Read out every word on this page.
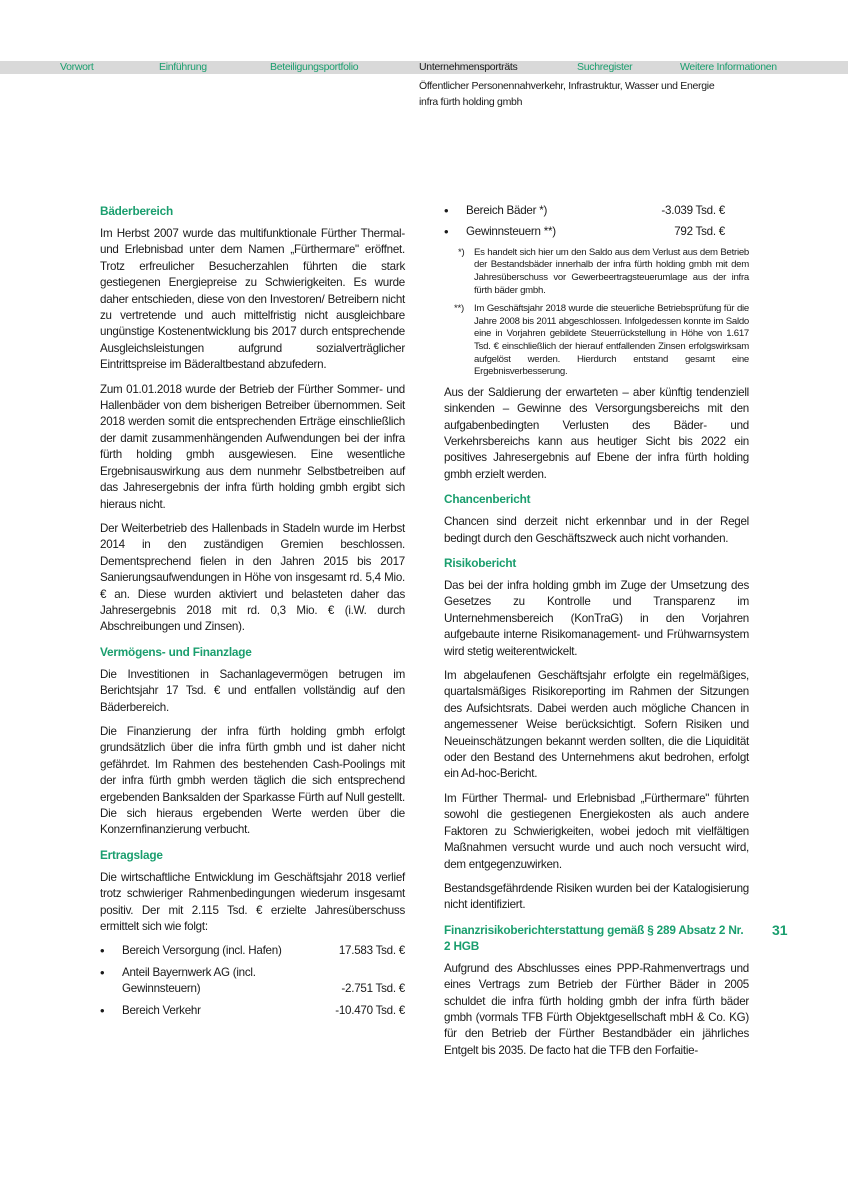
Vorwort	Einführung	Beteiligungsportfolio	Unternehmensporträts	Suchregister	Weitere Informationen
Öffentlicher Personennahverkehr, Infrastruktur, Wasser und Energie
infra fürth holding gmbh
Bäderbereich

Im Herbst 2007 wurde das multifunktionale Fürther Thermal- und Erlebnisbad unter dem Namen „Fürthermare" eröffnet. Trotz erfreulicher Besucherzahlen führten die stark gestiegenen Energiepreise zu Schwierigkeiten. Es wurde daher entschieden, diese von den Investoren/ Betreibern nicht zu vertretende und auch mittelfristig nicht ausgleichbare ungünstige Kostenentwicklung bis 2017 durch entsprechende Ausgleichsleistungen aufgrund sozialverträglicher Eintrittspreise im Bäderaltbestand abzufedern.

Zum 01.01.2018 wurde der Betrieb der Fürther Sommer- und Hallenbäder von dem bisherigen Betreiber übernommen. Seit 2018 werden somit die entsprechenden Erträge einschließlich der damit zusammenhängenden Aufwendungen bei der infra fürth holding gmbh ausgewiesen. Eine wesentliche Ergebnisauswirkung aus dem nunmehr Selbstbetreiben auf das Jahresergebnis der infra fürth holding gmbh ergibt sich hieraus nicht.

Der Weiterbetrieb des Hallenbads in Stadeln wurde im Herbst 2014 in den zuständigen Gremien beschlossen. Dementsprechend fielen in den Jahren 2015 bis 2017 Sanierungsaufwendungen in Höhe von insgesamt rd. 5,4 Mio. € an. Diese wurden aktiviert und belasteten daher das Jahresergebnis 2018 mit rd. 0,3 Mio. € (i.W. durch Abschreibungen und Zinsen).

Vermögens- und Finanzlage

Die Investitionen in Sachanlagevermögen betrugen im Berichtsjahr 17 Tsd. € und entfallen vollständig auf den Bäderbereich.

Die Finanzierung der infra fürth holding gmbh erfolgt grundsätzlich über die infra fürth gmbh und ist daher nicht gefährdet. Im Rahmen des bestehenden Cash-Poolings mit der infra fürth gmbh werden täglich die sich entsprechend ergebenden Banksalden der Sparkasse Fürth auf Null gestellt. Die sich hieraus ergebenden Werte werden über die Konzernfinanzierung verbucht.

Ertragslage

Die wirtschaftliche Entwicklung im Geschäftsjahr 2018 verlief trotz schwieriger Rahmenbedingungen wiederum insgesamt positiv. Der mit 2.115 Tsd. € erzielte Jahresüberschuss ermittelt sich wie folgt:

• Bereich Versorgung (incl. Hafen)	17.583 Tsd. €
• Anteil Bayernwerk AG (incl. Gewinnsteuern)	-2.751 Tsd. €
• Bereich Verkehr	-10.470 Tsd. €
• Bereich Bäder *)	-3.039 Tsd. €
• Gewinnsteuern **)	792 Tsd. €
*) Es handelt sich hier um den Saldo aus dem Verlust aus dem Betrieb der Bestandsbäder innerhalb der infra fürth holding gmbh mit dem Jahresüberschuss vor Gewerbeertragsteuerumlage aus der infra fürth bäder gmbh.
**) Im Geschäftsjahr 2018 wurde die steuerliche Betriebsprüfung für die Jahre 2008 bis 2011 abgeschlossen. Infolgedessen konnte im Saldo eine in Vorjahren gebildete Steuerrückstellung in Höhe von 1.617 Tsd. € einschließlich der hierauf entfallenden Zinsen erfolgswirksam aufgelöst werden. Hierdurch entstand gesamt eine Ergebnisverbesserung.

Aus der Saldierung der erwarteten – aber künftig tendenziell sinkenden – Gewinne des Versorgungsbereichs mit den aufgabenbedingten Verlusten des Bäder- und Verkehrsbereichs kann aus heutiger Sicht bis 2022 ein positives Jahresergebnis auf Ebene der infra fürth holding gmbh erzielt werden.

Chancenbericht

Chancen sind derzeit nicht erkennbar und in der Regel bedingt durch den Geschäftszweck auch nicht vorhanden.

Risikobericht

Das bei der infra holding gmbh im Zuge der Umsetzung des Gesetzes zu Kontrolle und Transparenz im Unternehmensbereich (KonTraG) in den Vorjahren aufgebaute interne Risikomanagement- und Frühwarnsystem wird stetig weiterentwickelt.

Im abgelaufenen Geschäftsjahr erfolgte ein regelmäßiges, quartalsmäßiges Risikoreporting im Rahmen der Sitzungen des Aufsichtsrats. Dabei werden auch mögliche Chancen in angemessener Weise berücksichtigt. Sofern Risiken und Neueinschätzungen bekannt werden sollten, die die Liquidität oder den Bestand des Unternehmens akut bedrohen, erfolgt ein Ad-hoc-Bericht.

Im Fürther Thermal- und Erlebnisbad „Fürthermare" führten sowohl die gestiegenen Energiekosten als auch andere Faktoren zu Schwierigkeiten, wobei jedoch mit vielfältigen Maßnahmen versucht wurde und auch noch versucht wird, dem entgegenzuwirken.

Bestandsgefährdende Risiken wurden bei der Katalogisierung nicht identifiziert.

Finanzrisikoberichterstattung gemäß § 289 Absatz 2 Nr. 2 HGB

Aufgrund des Abschlusses eines PPP-Rahmenvertrags und eines Vertrags zum Betrieb der Fürther Bäder in 2005 schuldet die infra fürth holding gmbh der infra fürth bäder gmbh (vormals TFB Fürth Objektgesellschaft mbH & Co. KG) für den Betrieb der Fürther Bestandbäder ein jährliches Entgelt bis 2035. De facto hat die TFB den Forfaitie-

31
